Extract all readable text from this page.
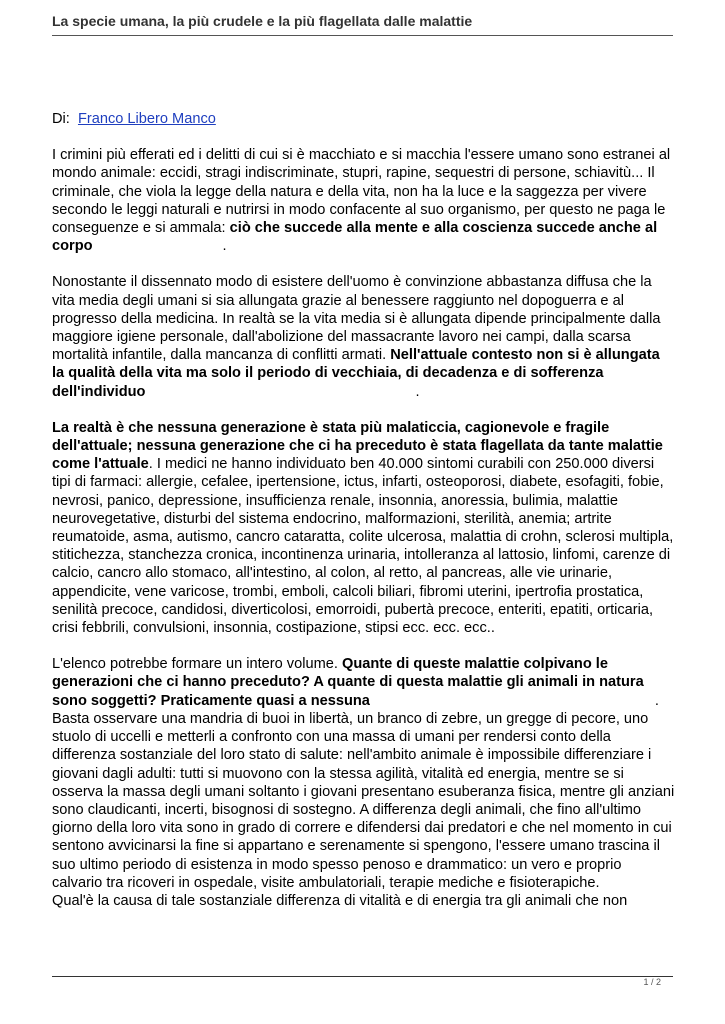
La specie umana, la più crudele e la più flagellata dalle malattie

Di: Franco Libero Manco

I crimini più efferati ed i delitti di cui si è macchiato e si macchia l'essere umano sono estranei al mondo animale: eccidi, stragi indiscriminate, stupri, rapine, sequestri di persone, schiavitù... Il criminale, che viola la legge della natura e della vita, non ha la luce e la saggezza per vivere secondo le leggi naturali e nutrirsi in modo confacente al suo organismo, per questo ne paga le conseguenze e si ammala: ciò che succede alla mente e alla coscienza succede anche al corpo	.

Nonostante il dissennato modo di esistere dell'uomo è convinzione abbastanza diffusa che la vita media degli umani si sia allungata grazie al benessere raggiunto nel dopoguerra e al progresso della medicina. In realtà se la vita media si è allungata dipende principalmente dalla maggiore igiene personale, dall'abolizione del massacrante lavoro nei campi, dalla scarsa mortalità infantile, dalla mancanza di conflitti armati. Nell'attuale contesto non si è allungata la qualità della vita ma solo il periodo di vecchiaia, di decadenza e di sofferenza dell'individuo	.

La realtà è che nessuna generazione è stata più malaticcia, cagionevole e fragile dell'attuale; nessuna generazione che ci ha preceduto è stata flagellata da tante malattie come l'attuale. I medici ne hanno individuato ben 40.000 sintomi curabili con 250.000 diversi tipi di farmaci: allergie, cefalee, ipertensione, ictus, infarti, osteoporosi, diabete, esofagiti, fobie, nevrosi, panico, depressione, insufficienza renale, insonnia, anoressia, bulimia, malattie neurovegetative, disturbi del sistema endocrino, malformazioni, sterilità, anemia; artrite reumatoide, asma, autismo, cancro cataratta, colite ulcerosa, malattia di crohn, sclerosi multipla, stitichezza, stanchezza cronica, incontinenza urinaria, intolleranza al lattosio, linfomi, carenze di calcio, cancro allo stomaco, all'intestino, al colon, al retto, al pancreas, alle vie urinarie, appendicite, vene varicose, trombi, emboli, calcoli biliari, fibromi uterini, ipertrofia prostatica, senilità precoce, candidosi, diverticolosi, emorroidi, pubertà precoce, enteriti, epatiti, orticaria, crisi febbrili, convulsioni, insonnia, costipazione, stipsi ecc. ecc. ecc..

L'elenco potrebbe formare un intero volume. Quante di queste malattie colpivano le generazioni che ci hanno preceduto? A quante di questa malattie gli animali in natura sono soggetti? Praticamente quasi a nessuna	.

Basta osservare una mandria di buoi in libertà, un branco di zebre, un gregge di pecore, uno stuolo di uccelli e metterli a confronto con una massa di umani per rendersi conto della differenza sostanziale del loro stato di salute: nell'ambito animale è impossibile differenziare i giovani dagli adulti: tutti si muovono con la stessa agilità, vitalità ed energia, mentre se si osserva la massa degli umani soltanto i giovani presentano esuberanza fisica, mentre gli anziani sono claudicanti, incerti, bisognosi di sostegno. A differenza degli animali, che fino all'ultimo giorno della loro vita sono in grado di correre e difendersi dai predatori e che nel momento in cui sentono avvicinarsi la fine si appartano e serenamente si spengono, l'essere umano trascina il suo ultimo periodo di esistenza in modo spesso penoso e drammatico: un vero e proprio calvario tra ricoveri in ospedale, visite ambulatoriali, terapie mediche e fisioterapiche.

Qual'è la causa di tale sostanziale differenza di vitalità e di energia tra gli animali che non

1 / 2
